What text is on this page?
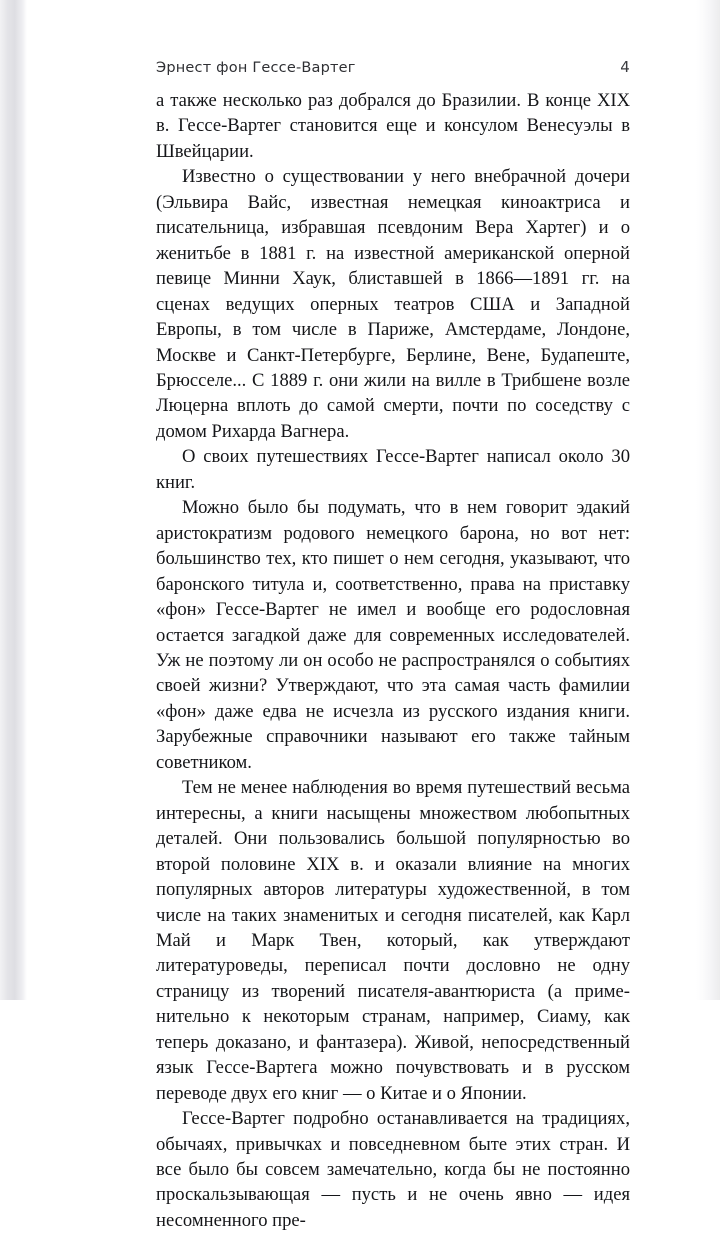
Эрнест фон Гессе-Вартег	4

а также несколько раз добрался до Бразилии. В конце XIX в. Гессе-Вартег становится еще и консулом Венесуэлы в Швейцарии.

Известно о существовании у него внебрачной дочери (Эльвира Вайс, известная немецкая киноактриса и писательница, избравшая псевдоним Вера Хартег) и о женитьбе в 1881 г. на известной американской оперной певице Минни Хаук, блиставшей в 1866—1891 гг. на сценах ведущих оперных театров США и Западной Европы, в том числе в Париже, Амстердаме, Лондоне, Москве и Санкт-Петербурге, Берлине, Вене, Будапеште, Брюсселе... С 1889 г. они жили на вилле в Трибшене возле Люцерна вплоть до самой смерти, почти по соседству с домом Рихарда Вагнера.

О своих путешествиях Гессе-Вартег написал около 30 книг.

Можно было бы подумать, что в нем говорит эдакий аристократизм родового немецкого барона, но вот нет: большинство тех, кто пишет о нем сегодня, указывают, что баронского титула и, соответственно, права на приставку «фон» Гессе-Вартег не имел и вообще его родословная остается загадкой даже для современных исследователей. Уж не поэтому ли он особо не распространялся о событиях своей жизни? Утверждают, что эта самая часть фамилии «фон» даже едва не исчезла из русского издания книги. Зарубежные справочники называют его также тайным советником.

Тем не менее наблюдения во время путешествий весьма интересны, а книги насыщены множеством любопытных деталей. Они пользовались большой популярностью во второй половине XIX в. и оказали влияние на многих популярных авторов литературы художественной, в том числе на таких знаменитых и сегодня писателей, как Карл Май и Марк Твен, который, как утверждают литературоведы, переписал почти дословно не одну страницу из творений писателя-авантюриста (а применительно к некоторым странам, например, Сиаму, как теперь доказано, и фантазера). Живой, непосредственный язык Гессе-Вартега можно почувствовать и в русском переводе двух его книг — о Китае и о Японии.

Гессе-Вартег подробно останавливается на традициях, обычаях, привычках и повседневном быте этих стран. И все было бы совсем замечательно, когда бы не постоянно проскальзывающая — пусть и не очень явно — идея несомненного пре-
